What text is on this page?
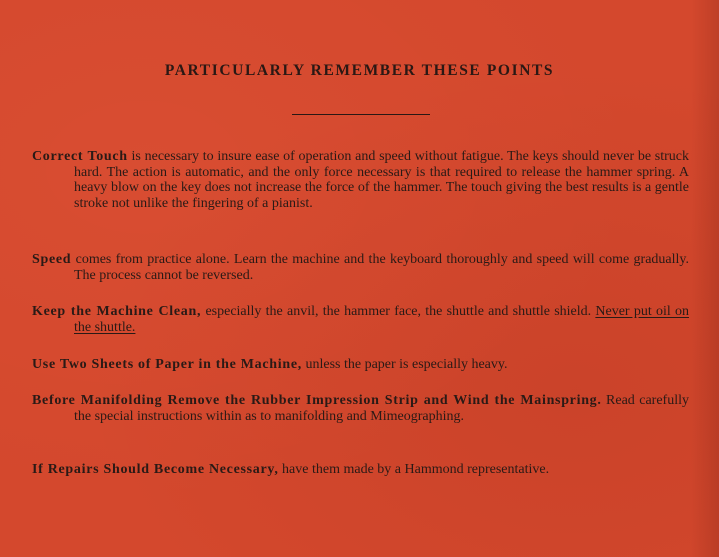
PARTICULARLY REMEMBER THESE POINTS
Correct Touch is necessary to insure ease of operation and speed without fatigue. The keys should never be struck hard. The action is automatic, and the only force necessary is that required to release the hammer spring. A heavy blow on the key does not increase the force of the hammer. The touch giving the best results is a gentle stroke not unlike the fingering of a pianist.
Speed comes from practice alone. Learn the machine and the keyboard thoroughly and speed will come gradually. The process cannot be reversed.
Keep the Machine Clean, especially the anvil, the hammer face, the shuttle and shuttle shield. Never put oil on the shuttle.
Use Two Sheets of Paper in the Machine, unless the paper is especially heavy.
Before Manifolding Remove the Rubber Impression Strip and Wind the Mainspring. Read carefully the special instructions within as to manifolding and Mimeographing.
If Repairs Should Become Necessary, have them made by a Hammond representative.
